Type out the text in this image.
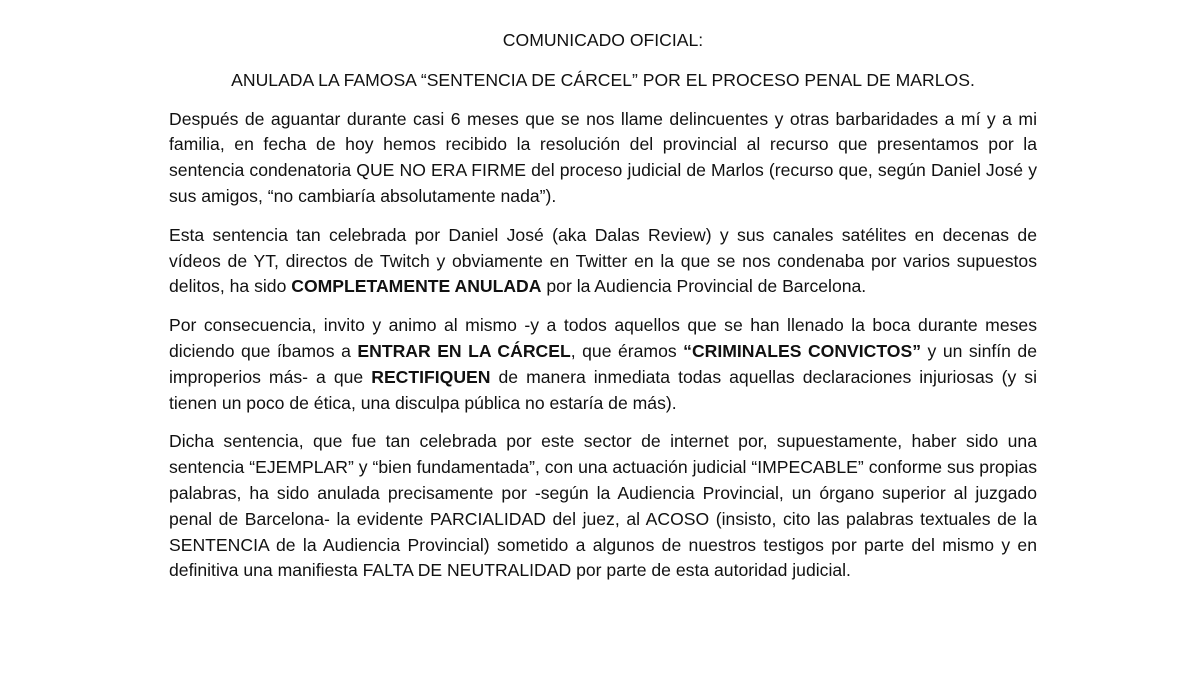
COMUNICADO OFICIAL:

ANULADA LA FAMOSA “SENTENCIA DE CÁRCEL” POR EL PROCESO PENAL DE MARLOS.

Después de aguantar durante casi 6 meses que se nos llame delincuentes y otras barbaridades a mí y a mi familia, en fecha de hoy hemos recibido la resolución del provincial al recurso que presentamos por la sentencia condenatoria QUE NO ERA FIRME del proceso judicial de Marlos (recurso que, según Daniel José y sus amigos, “no cambiaría absolutamente nada”).

Esta sentencia tan celebrada por Daniel José (aka Dalas Review) y sus canales satélites en decenas de vídeos de YT, directos de Twitch y obviamente en Twitter en la que se nos condenaba por varios supuestos delitos, ha sido COMPLETAMENTE ANULADA por la Audiencia Provincial de Barcelona.

Por consecuencia, invito y animo al mismo -y a todos aquellos que se han llenado la boca durante meses diciendo que íbamos a ENTRAR EN LA CÁRCEL, que éramos “CRIMINALES CONVICTOS” y un sinfín de improperios más- a que RECTIFIQUEN de manera inmediata todas aquellas declaraciones injuriosas (y si tienen un poco de ética, una disculpa pública no estaría de más).

Dicha sentencia, que fue tan celebrada por este sector de internet por, supuestamente, haber sido una sentencia “EJEMPLAR” y “bien fundamentada”, con una actuación judicial “IMPECABLE” conforme sus propias palabras, ha sido anulada precisamente por -según la Audiencia Provincial, un órgano superior al juzgado penal de Barcelona- la evidente PARCIALIDAD del juez, al ACOSO (insisto, cito las palabras textuales de la SENTENCIA de la Audiencia Provincial) sometido a algunos de nuestros testigos por parte del mismo y en definitiva una manifiesta FALTA DE NEUTRALIDAD por parte de esta autoridad judicial.
